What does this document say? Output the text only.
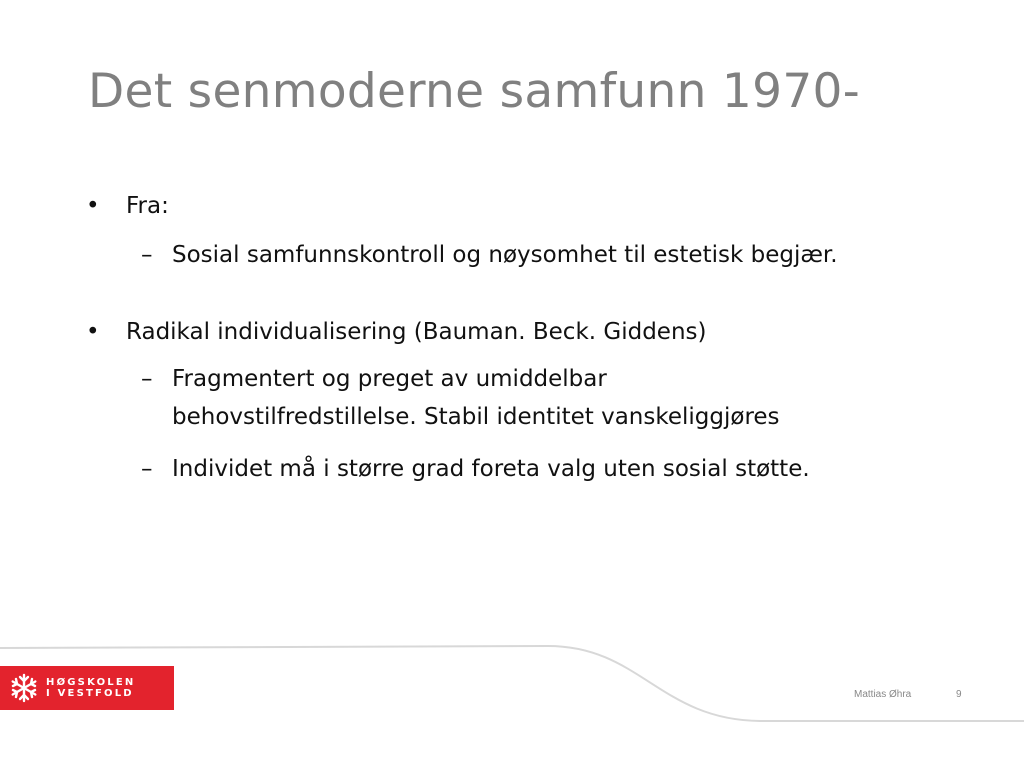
Det senmoderne samfunn 1970-
• Fra:
– Sosial samfunnskontroll og nøysomhet til estetisk begjær.
• Radikal individualisering (Bauman. Beck. Giddens)
– Fragmentert og preget av umiddelbar
behovstilfredstillelse. Stabil identitet vanskeliggjøres
– Individet må i større grad foreta valg uten sosial støtte.
HØGSKOLEN
I VESTFOLD	Mattias Øhra	9
